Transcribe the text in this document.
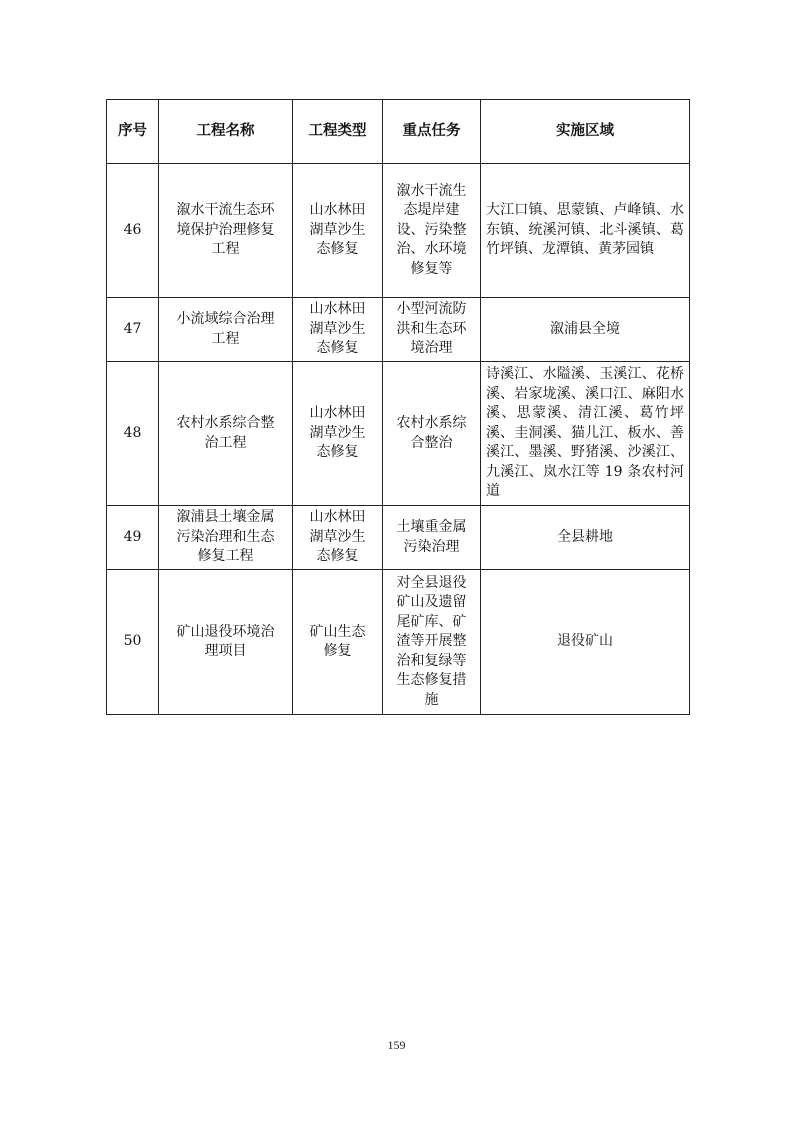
序号	工程名称	工程类型	重点任务	实施区域
46	溆水干流生态环境保护治理修复工程	山水林田湖草沙生态修复	溆水干流生态堤岸建设、污染整治、水环境修复等	大江口镇、思蒙镇、卢峰镇、水东镇、统溪河镇、北斗溪镇、葛竹坪镇、龙潭镇、黄茅园镇
47	小流域综合治理工程	山水林田湖草沙生态修复	小型河流防洪和生态环境治理	溆浦县全境
48	农村水系综合整治工程	山水林田湖草沙生态修复	农村水系综合整治	诗溪江、水隘溪、玉溪江、花桥溪、岩家垅溪、溪口江、麻阳水溪、思蒙溪、清江溪、葛竹坪溪、圭洞溪、猫儿江、板水、善溪江、墨溪、野猪溪、沙溪江、九溪江、岚水江等 19 条农村河道
49	溆浦县土壤金属污染治理和生态修复工程	山水林田湖草沙生态修复	土壤重金属污染治理	全县耕地
50	矿山退役环境治理项目	矿山生态修复	对全县退役矿山及遗留尾矿库、矿渣等开展整治和复绿等生态修复措施	退役矿山
159
